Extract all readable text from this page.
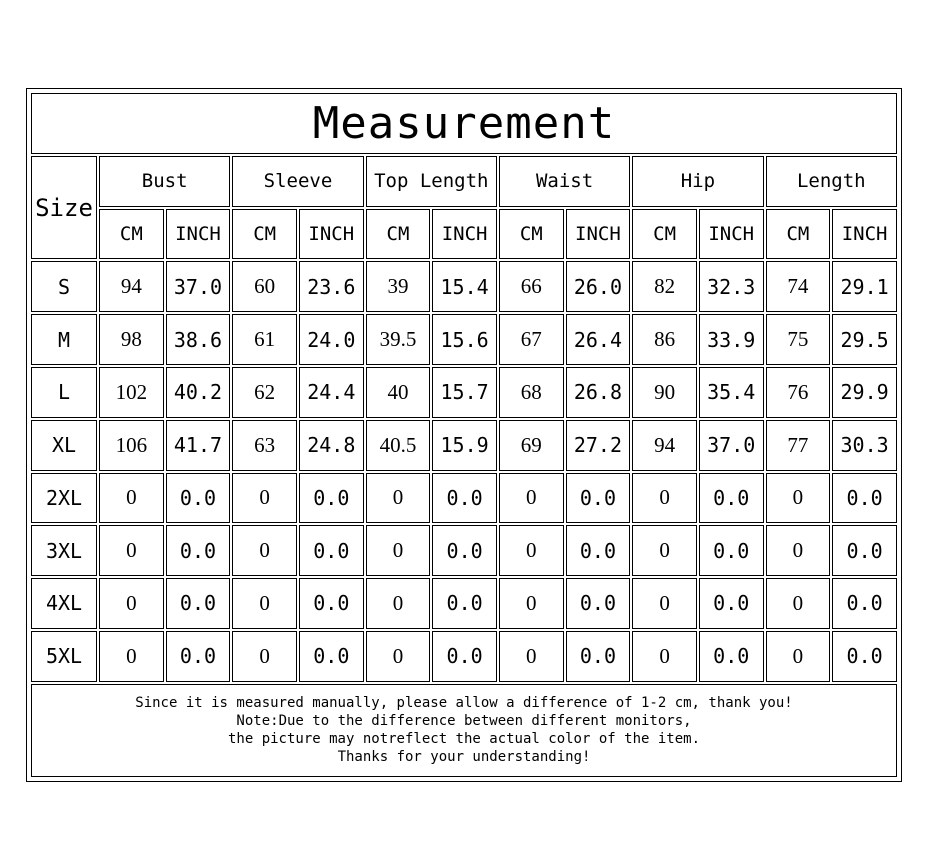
Measurement												
Size	Bust		Sleeve		Top Length		Waist		Hip		Length	
	CM	INCH	CM	INCH	CM	INCH	CM	INCH	CM	INCH	CM	INCH
S	94	37.0	60	23.6	39	15.4	66	26.0	82	32.3	74	29.1
M	98	38.6	61	24.0	39.5	15.6	67	26.4	86	33.9	75	29.5
L	102	40.2	62	24.4	40	15.7	68	26.8	90	35.4	76	29.9
XL	106	41.7	63	24.8	40.5	15.9	69	27.2	94	37.0	77	30.3
2XL	0	0.0	0	0.0	0	0.0	0	0.0	0	0.0	0	0.0
3XL	0	0.0	0	0.0	0	0.0	0	0.0	0	0.0	0	0.0
4XL	0	0.0	0	0.0	0	0.0	0	0.0	0	0.0	0	0.0
5XL	0	0.0	0	0.0	0	0.0	0	0.0	0	0.0	0	0.0

Since it is measured manually, please allow a difference of 1-2 cm, thank you!
Note:Due to the difference between different monitors,
the picture may notreflect the actual color of the item.
Thanks for your understanding!												
